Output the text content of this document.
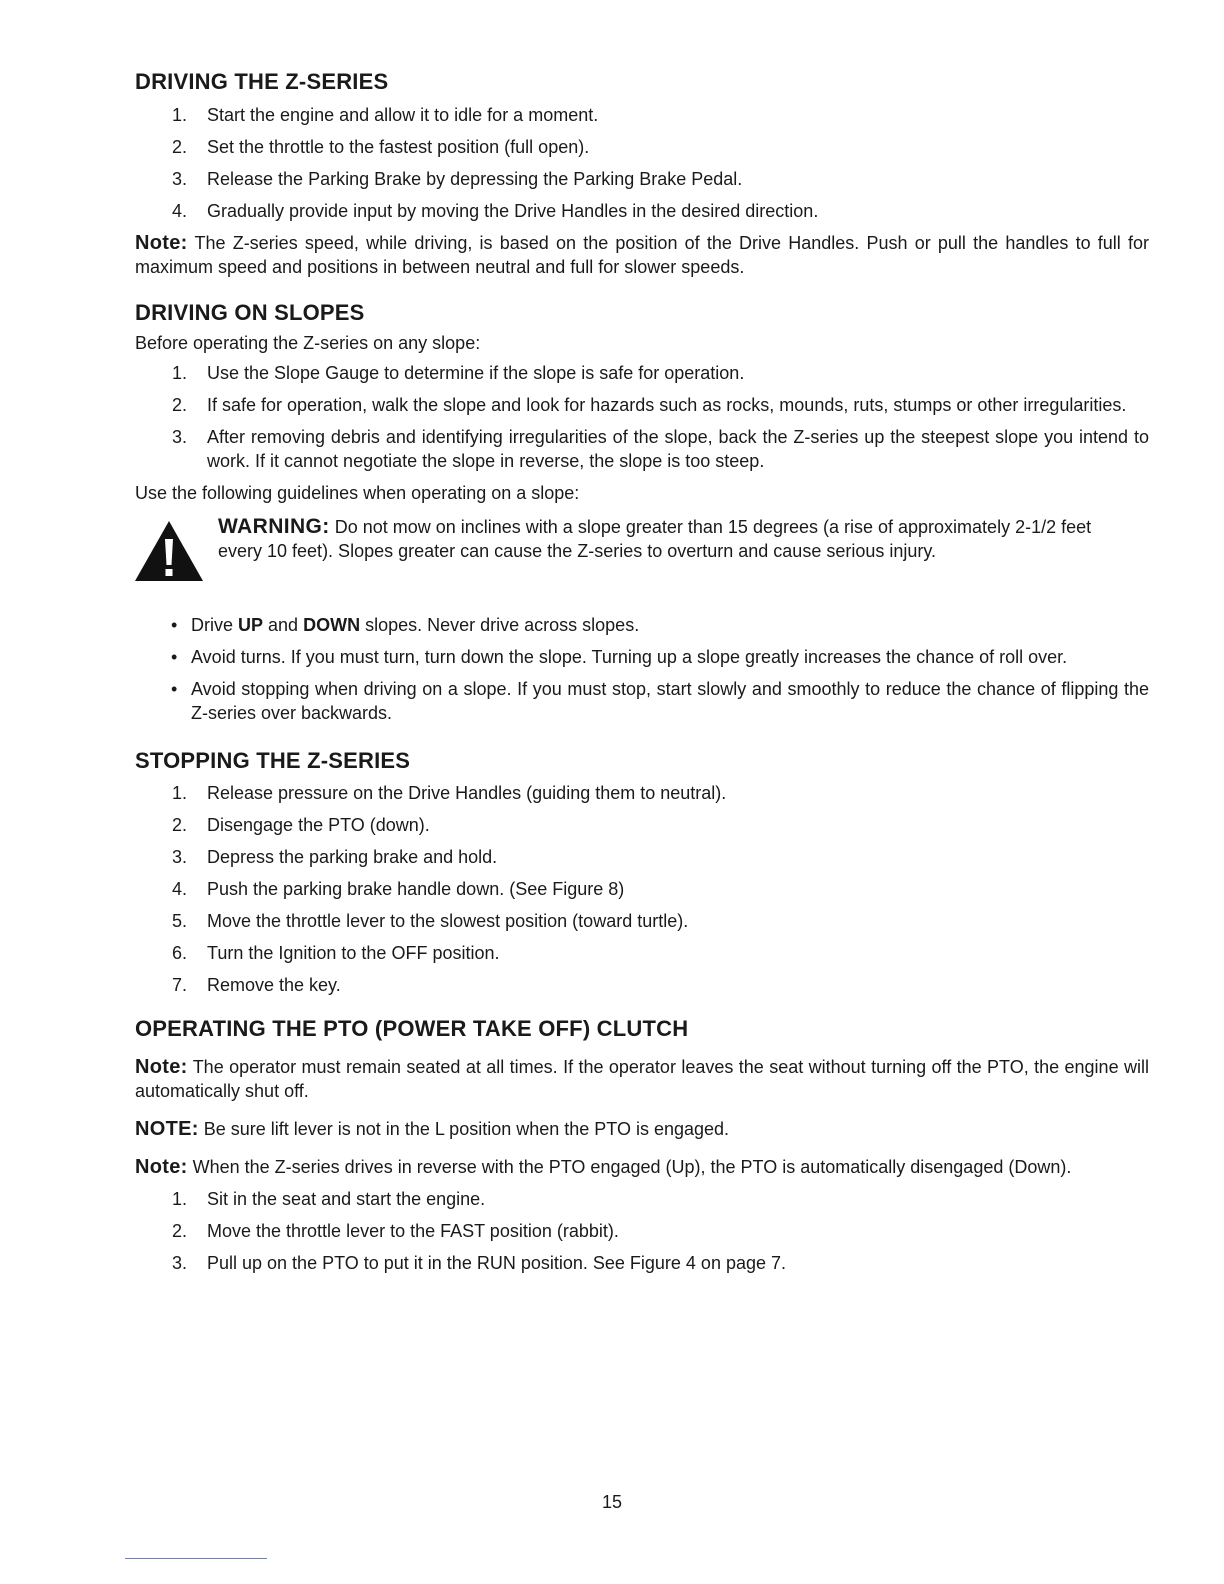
DRIVING THE Z-SERIES
1. Start the engine and allow it to idle for a moment.
2. Set the throttle to the fastest position (full open).
3. Release the Parking Brake by depressing the Parking Brake Pedal.
4. Gradually provide input by moving the Drive Handles in the desired direction.

Note: The Z-series speed, while driving, is based on the position of the Drive Handles. Push or pull the handles to full for maximum speed and positions in between neutral and full for slower speeds.

DRIVING ON SLOPES

Before operating the Z-series on any slope:

1. Use the Slope Gauge to determine if the slope is safe for operation.
2. If safe for operation, walk the slope and look for hazards such as rocks, mounds, ruts, stumps or other irregularities.
3. After removing debris and identifying irregularities of the slope, back the Z-series up the steepest slope you intend to work. If it cannot negotiate the slope in reverse, the slope is too steep.

Use the following guidelines when operating on a slope:

WARNING: Do not mow on inclines with a slope greater than 15 degrees (a rise of approximately 2-1/2 feet every 10 feet). Slopes greater can cause the Z-series to overturn and cause serious injury.

• Drive UP and DOWN slopes. Never drive across slopes.
• Avoid turns. If you must turn, turn down the slope. Turning up a slope greatly increases the chance of roll over.
• Avoid stopping when driving on a slope. If you must stop, start slowly and smoothly to reduce the chance of flipping the Z-series over backwards.
STOPPING THE Z-SERIES
1. Release pressure on the Drive Handles (guiding them to neutral).
2. Disengage the PTO (down).
3. Depress the parking brake and hold.
4. Push the parking brake handle down. (See Figure 8)
5. Move the throttle lever to the slowest position (toward turtle).
6. Turn the Ignition to the OFF position.
7. Remove the key.
OPERATING THE PTO (POWER TAKE OFF) CLUTCH

Note: The operator must remain seated at all times. If the operator leaves the seat without turning off the PTO, the engine will automatically shut off.

NOTE: Be sure lift lever is not in the L position when the PTO is engaged.

Note: When the Z-series drives in reverse with the PTO engaged (Up), the PTO is automatically disengaged (Down).

1. Sit in the seat and start the engine.
2. Move the throttle lever to the FAST position (rabbit).
3. Pull up on the PTO to put it in the RUN position. See Figure 4 on page 7.
15
